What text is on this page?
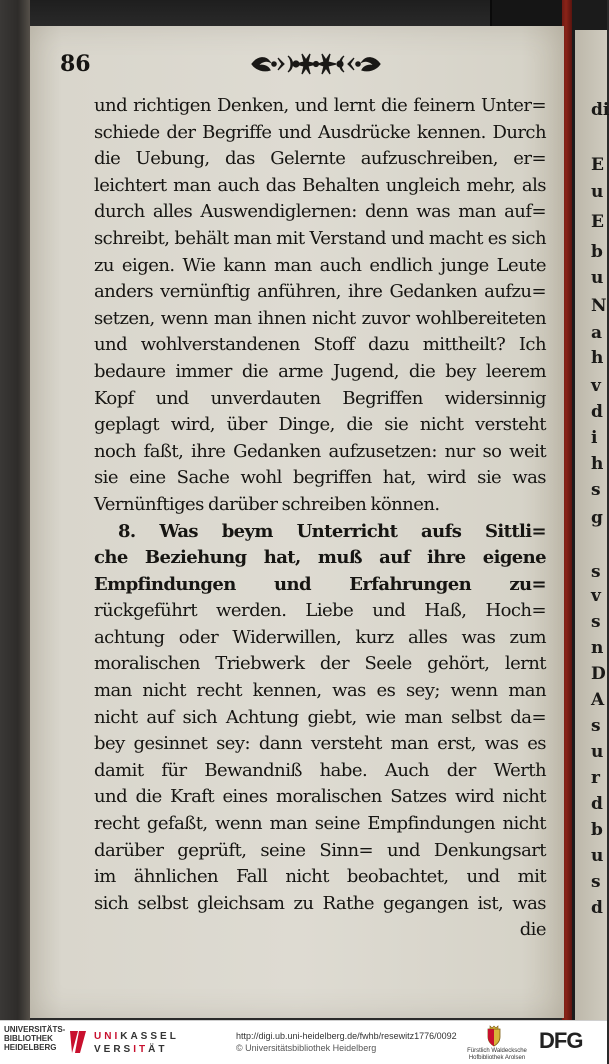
di
E
u
E
b
u
N
a
h
v
d
i
h
s
g
s
v
s
n
D
A
s
u
r
d
b
u
s
d
86
und richtigen Denken, und lernt die feinern Unter=
schiede der Begriffe und Ausdrücke kennen. Durch
die Uebung, das Gelernte aufzuschreiben, er=
leichtert man auch das Behalten ungleich mehr, als
durch alles Auswendiglernen: denn was man auf=
schreibt, behält man mit Verstand und macht es sich
zu eigen. Wie kann man auch endlich junge Leute
anders vernünftig anführen, ihre Gedanken aufzu=
setzen, wenn man ihnen nicht zuvor wohlbereiteten
und wohlverstandenen Stoff dazu mittheilt? Ich
bedaure immer die arme Jugend, die bey leerem
Kopf und unverdauten Begriffen widersinnig
geplagt wird, über Dinge, die sie nicht versteht
noch faßt, ihre Gedanken aufzusetzen: nur so weit
sie eine Sache wohl begriffen hat, wird sie was
Vernünftiges darüber schreiben können.
8. Was beym Unterricht aufs Sittli=
che Beziehung hat, muß auf ihre eigene
Empfindungen und Erfahrungen zu=
rückgeführt werden. Liebe und Haß, Hoch=
achtung oder Widerwillen, kurz alles was zum
moralischen Triebwerk der Seele gehört, lernt
man nicht recht kennen, was es sey; wenn man
nicht auf sich Achtung giebt, wie man selbst da=
bey gesinnet sey: dann versteht man erst, was es
damit für Bewandniß habe. Auch der Werth
und die Kraft eines moralischen Satzes wird nicht
recht gefaßt, wenn man seine Empfindungen nicht
darüber geprüft, seine Sinn= und Denkungsart
im ähnlichen Fall nicht beobachtet, und mit
sich selbst gleichsam zu Rathe gegangen ist, was
die
UNIVERSITÄTS-
BIBLIOTHEK
HEIDELBERG
UNIKASSEL
VERSITÄT
http://digi.ub.uni-heidelberg.de/fwhb/resewitz1776/0092
© Universitätsbibliothek Heidelberg	Fürstlich Waldecksche
Hofbibliothek Arolsen
DFG
